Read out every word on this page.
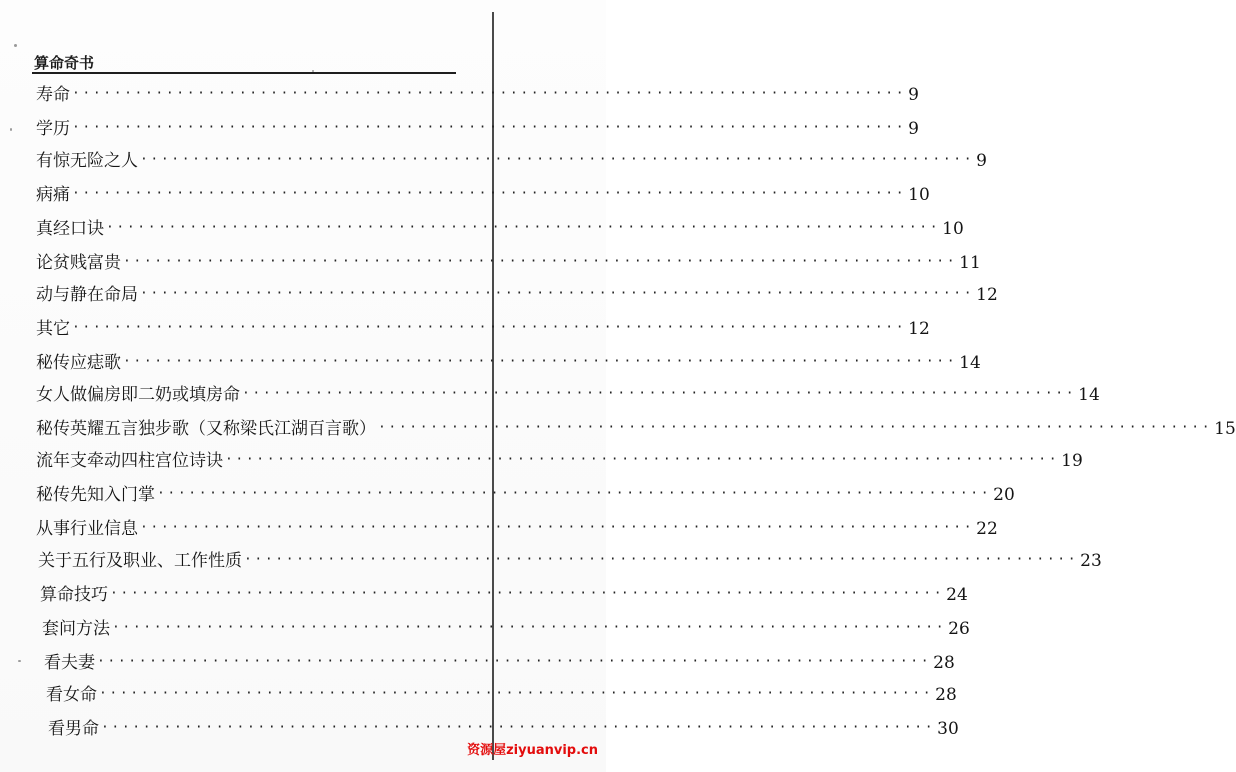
算命奇书
寿命 ················································································ 9
学历 ················································································ 9
有惊无险之人 ················································································ 9
病痛 ················································································ 10
真经口诀 ················································································ 10
论贫贱富贵 ················································································ 11
动与静在命局 ················································································ 12
其它 ················································································ 12
秘传应痣歌 ················································································ 14
女人做偏房即二奶或填房命 ················································································ 14
秘传英耀五言独步歌（又称梁氏江湖百言歌） ················································································ 15
流年支牵动四柱宫位诗诀 ················································································ 19
秘传先知入门掌 ················································································ 20
从事行业信息 ················································································ 22
关于五行及职业、工作性质 ················································································ 23
算命技巧 ················································································ 24
套问方法 ················································································ 26
看夫妻 ················································································ 28
看女命 ················································································ 28
看男命 ················································································ 30
资源屋ziyuanvip.cn
